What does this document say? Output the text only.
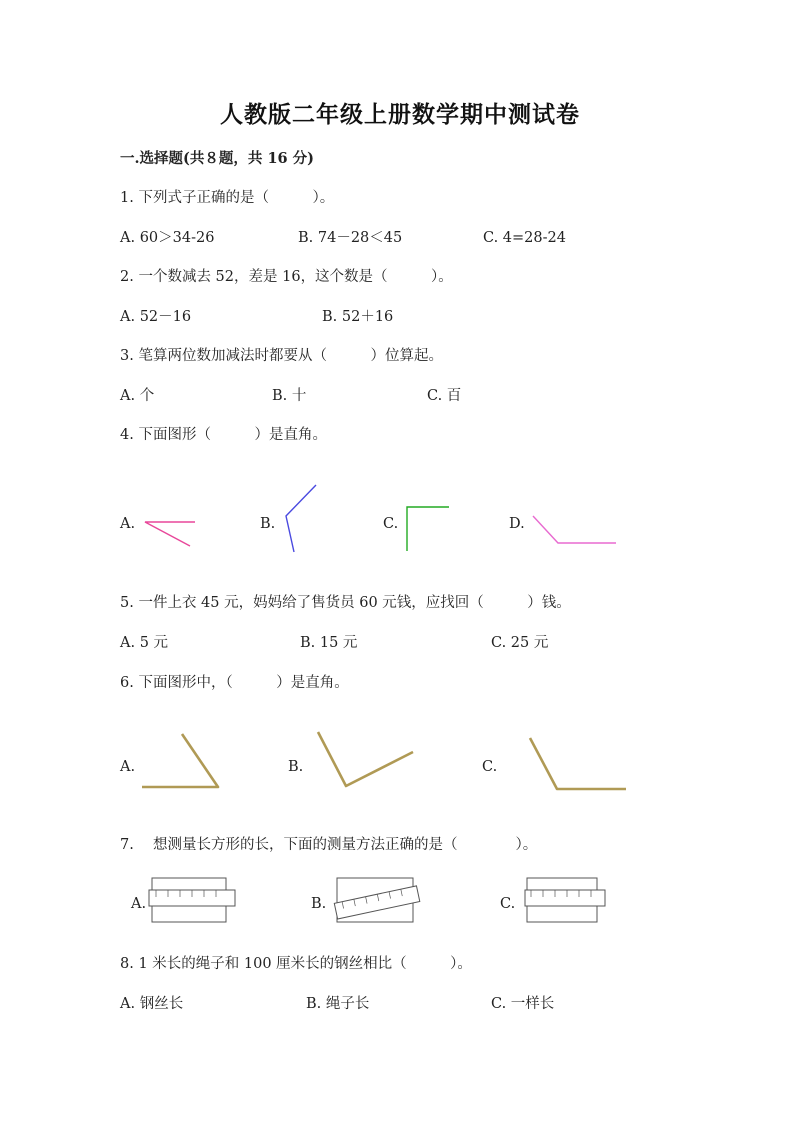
人教版二年级上册数学期中测试卷
一.选择题(共８题，共 16 分)
1. 下列式子正确的是（　　　）。
A. 60＞34-26	B. 74－28＜45	C. 4=28-24
2. 一个数减去 52，差是 16，这个数是（　　　）。
A. 52－16	B. 52＋16
3. 笔算两位数加减法时都要从（　　　）位算起。
A. 个	B. 十	C. 百
4. 下面图形（　　　）是直角。
A.	B.	C.	D.
5. 一件上衣 45 元，妈妈给了售货员 60 元钱，应找回（　　　）钱。
A. 5 元	B. 15 元	C. 25 元
6. 下面图形中，（　　　）是直角。
A.	B.	C.
7.　 想测量长方形的长，下面的测量方法正确的是（　　　　）。
A.	B.	C.
8. 1 米长的绳子和 100 厘米长的钢丝相比（　　　）。
A. 钢丝长	B. 绳子长	C. 一样长
